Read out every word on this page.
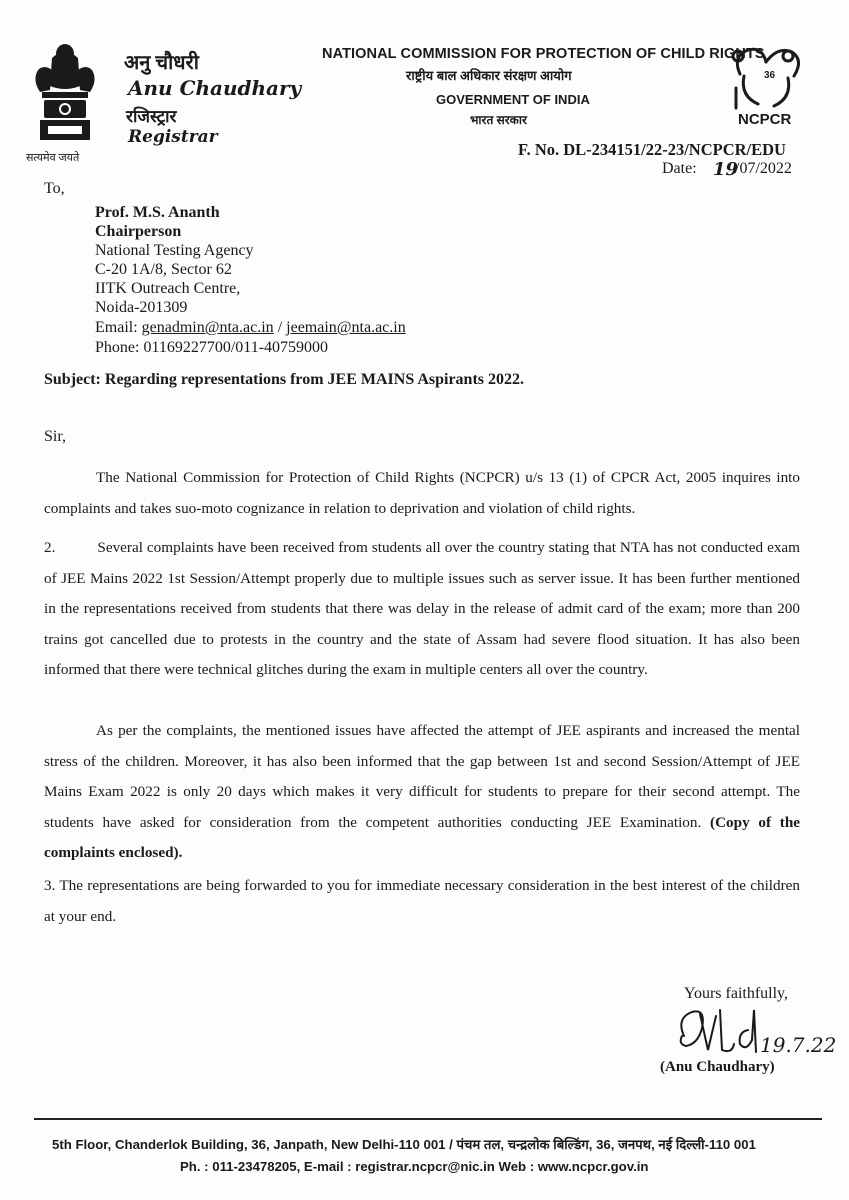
सत्यमेव जयते
अनु चौधरी
Anu Chaudhary
रजिस्ट्रार
Registrar
NATIONAL COMMISSION FOR PROTECTION OF CHILD RIGHTS
राष्ट्रीय बाल अधिकार संरक्षण आयोग
GOVERNMENT OF INDIA
भारत सरकार
36
NCPCR
F. No. DL-234151/22-23/NCPCR/EDU
Date: 19
/07/2022
To,
Prof. M.S. Ananth
Chairperson
National Testing Agency
C-20 1A/8, Sector 62
IITK Outreach Centre,
Noida-201309
Email: genadmin@nta.ac.in / jeemain@nta.ac.in
Phone: 01169227700/011-40759000
Subject: Regarding representations from JEE MAINS Aspirants 2022.
Sir,
The National Commission for Protection of Child Rights (NCPCR) u/s 13 (1) of CPCR Act, 2005 inquires into complaints and takes suo-moto cognizance in relation to deprivation and violation of child rights.
2.	Several complaints have been received from students all over the country stating that NTA has not conducted exam of JEE Mains 2022 1st Session/Attempt properly due to multiple issues such as server issue. It has been further mentioned in the representations received from students that there was delay in the release of admit card of the exam; more than 200 trains got cancelled due to protests in the country and the state of Assam had severe flood situation. It has also been informed that there were technical glitches during the exam in multiple centers all over the country.
As per the complaints, the mentioned issues have affected the attempt of JEE aspirants and increased the mental stress of the children. Moreover, it has also been informed that the gap between 1st and second Session/Attempt of JEE Mains Exam 2022 is only 20 days which makes it very difficult for students to prepare for their second attempt. The students have asked for consideration from the competent authorities conducting JEE Examination. (Copy of the complaints enclosed).
3. The representations are being forwarded to you for immediate necessary consideration in the best interest of the children at your end.
Yours faithfully,
19.7.22
(Anu Chaudhary)
5th Floor, Chanderlok Building, 36, Janpath, New Delhi-110 001 / पंचम तल, चन्द्रलोक बिल्डिंग, 36, जनपथ, नई दिल्ली-110 001
Ph. : 011-23478205, E-mail : registrar.ncpcr@nic.in Web : www.ncpcr.gov.in
